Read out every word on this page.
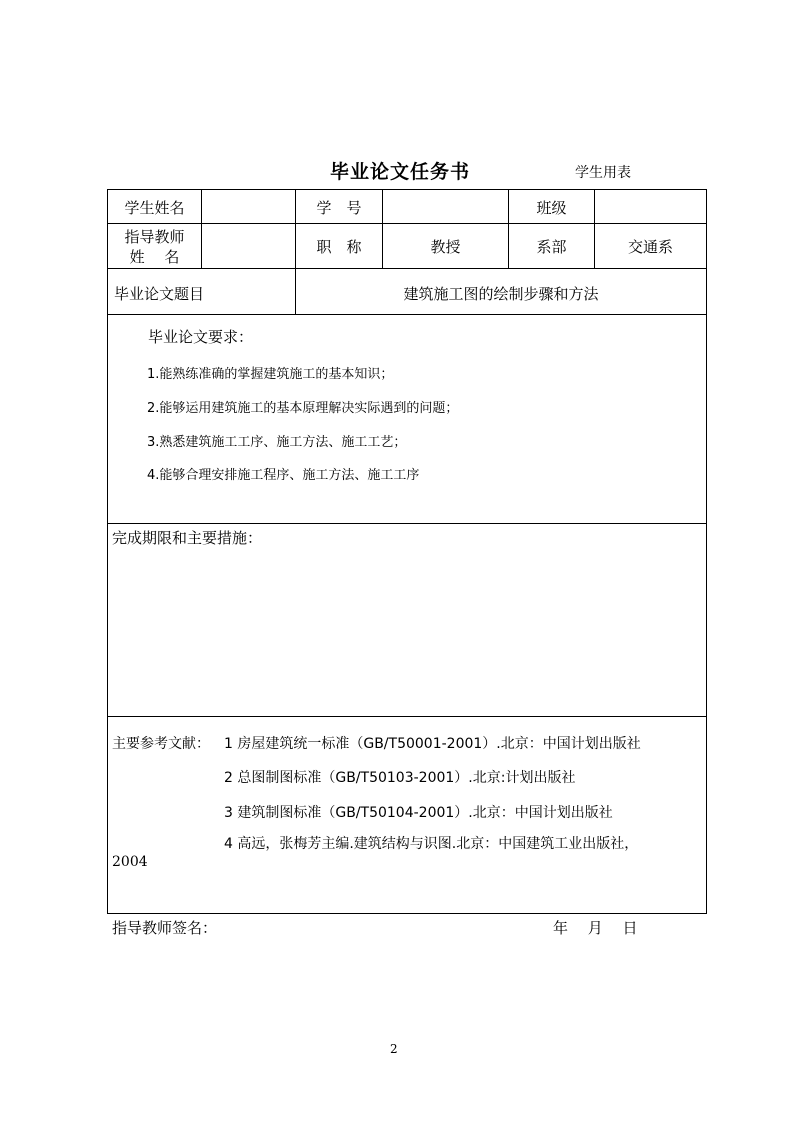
毕业论文任务书	学生用表
学生姓名	学　号	班级
指导教师
姓　 名
职　称	教授	系部	交通系
毕业论文题目	建筑施工图的绘制步骤和方法
毕业论文要求：
1.能熟练准确的掌握建筑施工的基本知识；
2.能够运用建筑施工的基本原理解决实际遇到的问题；
3.熟悉建筑施工工序、施工方法、施工工艺；
4.能够合理安排施工程序、施工方法、施工工序
完成期限和主要措施：
主要参考文献： 1 房屋建筑统一标准（GB/T50001-2001）.北京：中国计划出版社
2 总图制图标准（GB/T50103-2001）.北京:计划出版社
3 建筑制图标准（GB/T50104-2001）.北京：中国计划出版社
4 高远，张梅芳主编.建筑结构与识图.北京：中国建筑工业出版社，
2004
指导教师签名：	年　 月　 日
2
